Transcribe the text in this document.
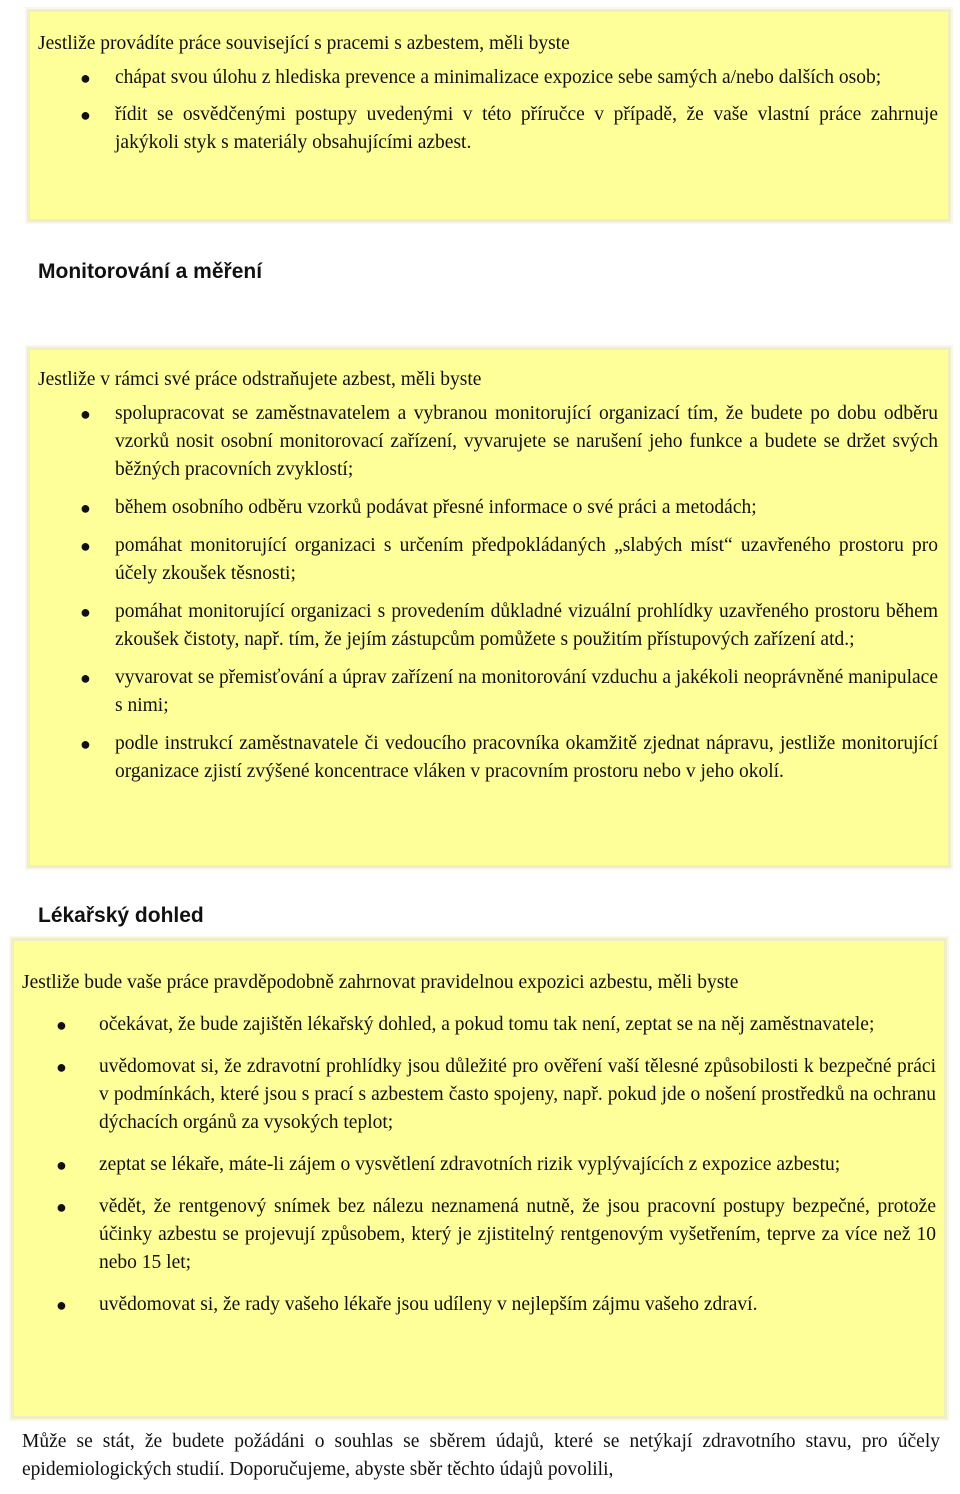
Jestliže provádíte práce související s pracemi s azbestem, měli byste

● chápat svou úlohu z hlediska prevence a minimalizace expozice sebe samých a/nebo dalších osob;
● řídit se osvědčenými postupy uvedenými v této příručce v případě, že vaše vlastní práce zahrnuje jakýkoli styk s materiály obsahujícími azbest.
Monitorování a měření

Jestliže v rámci své práce odstraňujete azbest, měli byste

● spolupracovat se zaměstnavatelem a vybranou monitorující organizací tím, že budete po dobu odběru vzorků nosit osobní monitorovací zařízení, vyvarujete se narušení jeho funkce a budete se držet svých běžných pracovních zvyklostí;
● během osobního odběru vzorků podávat přesné informace o své práci a metodách;
● pomáhat monitorující organizaci s určením předpokládaných „slabých míst“ uzavřeného prostoru pro účely zkoušek těsnosti;
● pomáhat monitorující organizaci s provedením důkladné vizuální prohlídky uzavřeného prostoru během zkoušek čistoty, např. tím, že jejím zástupcům pomůžete s použitím přístupových zařízení atd.;
● vyvarovat se přemisťování a úprav zařízení na monitorování vzduchu a jakékoli neoprávněné manipulace s nimi;
● podle instrukcí zaměstnavatele či vedoucího pracovníka okamžitě zjednat nápravu, jestliže monitorující organizace zjistí zvýšené koncentrace vláken v pracovním prostoru nebo v jeho okolí.
Lékařský dohled

Jestliže bude vaše práce pravděpodobně zahrnovat pravidelnou expozici azbestu, měli byste

● očekávat, že bude zajištěn lékařský dohled, a pokud tomu tak není, zeptat se na něj zaměstnavatele;
● uvědomovat si, že zdravotní prohlídky jsou důležité pro ověření vaší tělesné způsobilosti k bezpečné práci v podmínkách, které jsou s prací s azbestem často spojeny, např. pokud jde o nošení prostředků na ochranu dýchacích orgánů za vysokých teplot;
● zeptat se lékaře, máte-li zájem o vysvětlení zdravotních rizik vyplývajících z expozice azbestu;
● vědět, že rentgenový snímek bez nálezu neznamená nutně, že jsou pracovní postupy bezpečné, protože účinky azbestu se projevují způsobem, který je zjistitelný rentgenovým vyšetřením, teprve za více než 10 nebo 15 let;
● uvědomovat si, že rady vašeho lékaře jsou udíleny v nejlepším zájmu vašeho zdraví.

Může se stát, že budete požádáni o souhlas se sběrem údajů, které se netýkají zdravotního stavu, pro účely epidemiologických studií. Doporučujeme, abyste sběr těchto údajů povolili,
